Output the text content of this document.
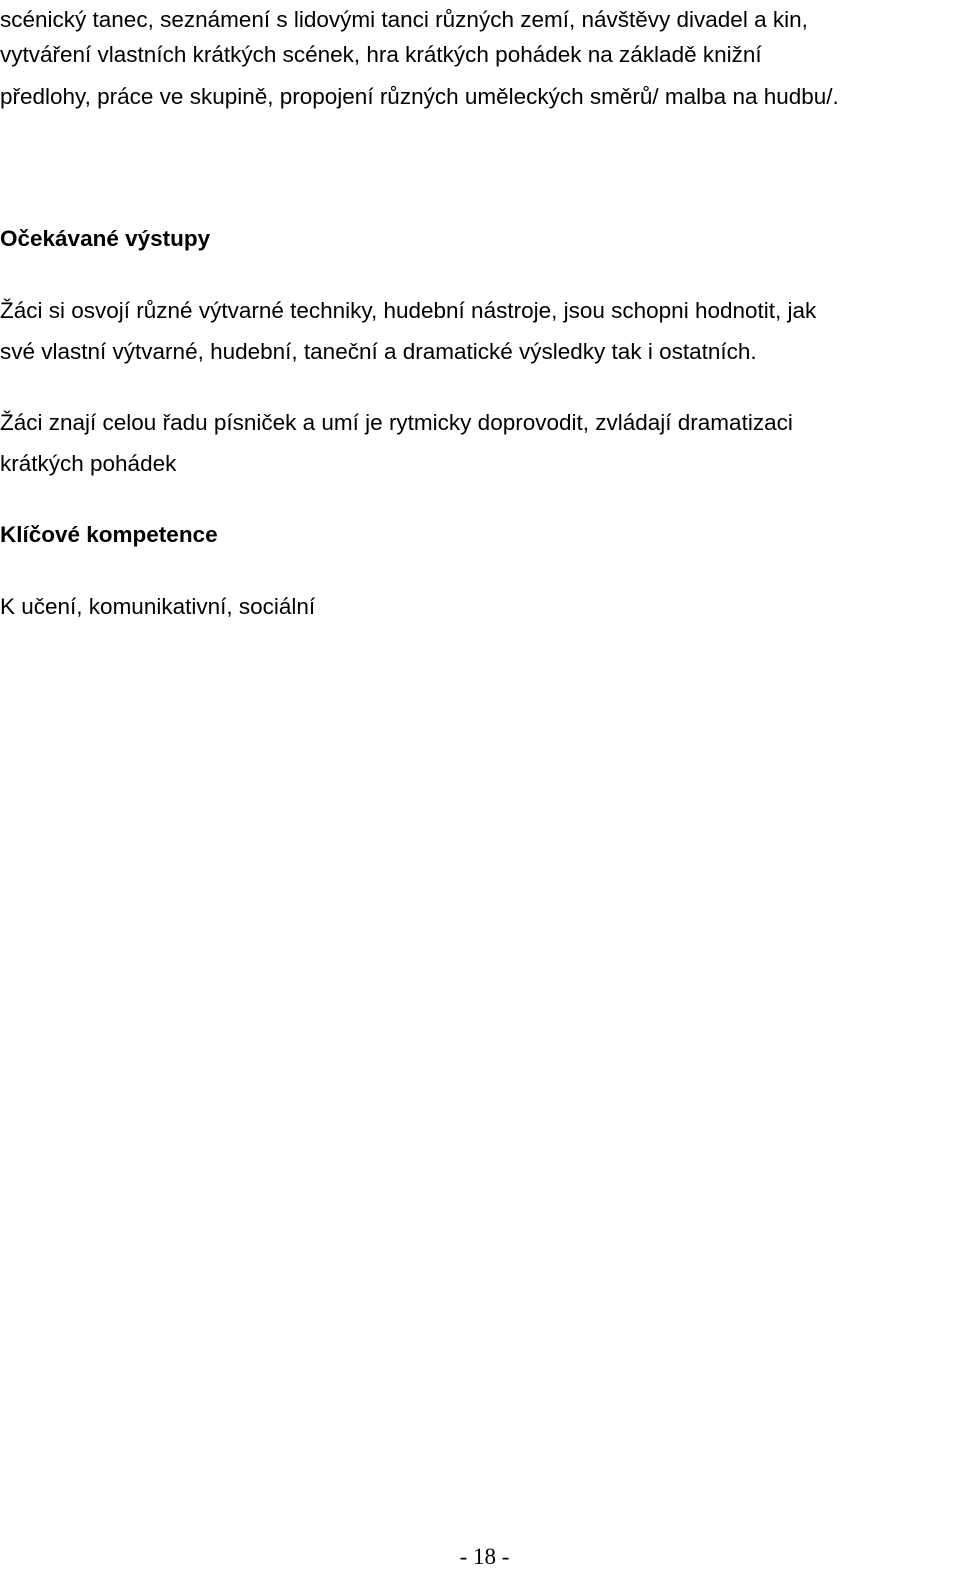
scénický tanec, seznámení s lidovými tanci různých zemí, návštěvy divadel a kin,

vytváření vlastních krátkých scének, hra krátkých pohádek na základě knižní

předlohy, práce ve skupině, propojení různých uměleckých směrů/ malba na hudbu/.

Očekávané výstupy

Žáci si osvojí různé výtvarné techniky, hudební nástroje, jsou schopni hodnotit, jak

své vlastní výtvarné, hudební, taneční a dramatické výsledky tak i ostatních.

Žáci znají celou řadu písniček a umí je rytmicky doprovodit, zvládají dramatizaci

krátkých pohádek

Klíčové kompetence

K učení, komunikativní, sociální

- 18 -
